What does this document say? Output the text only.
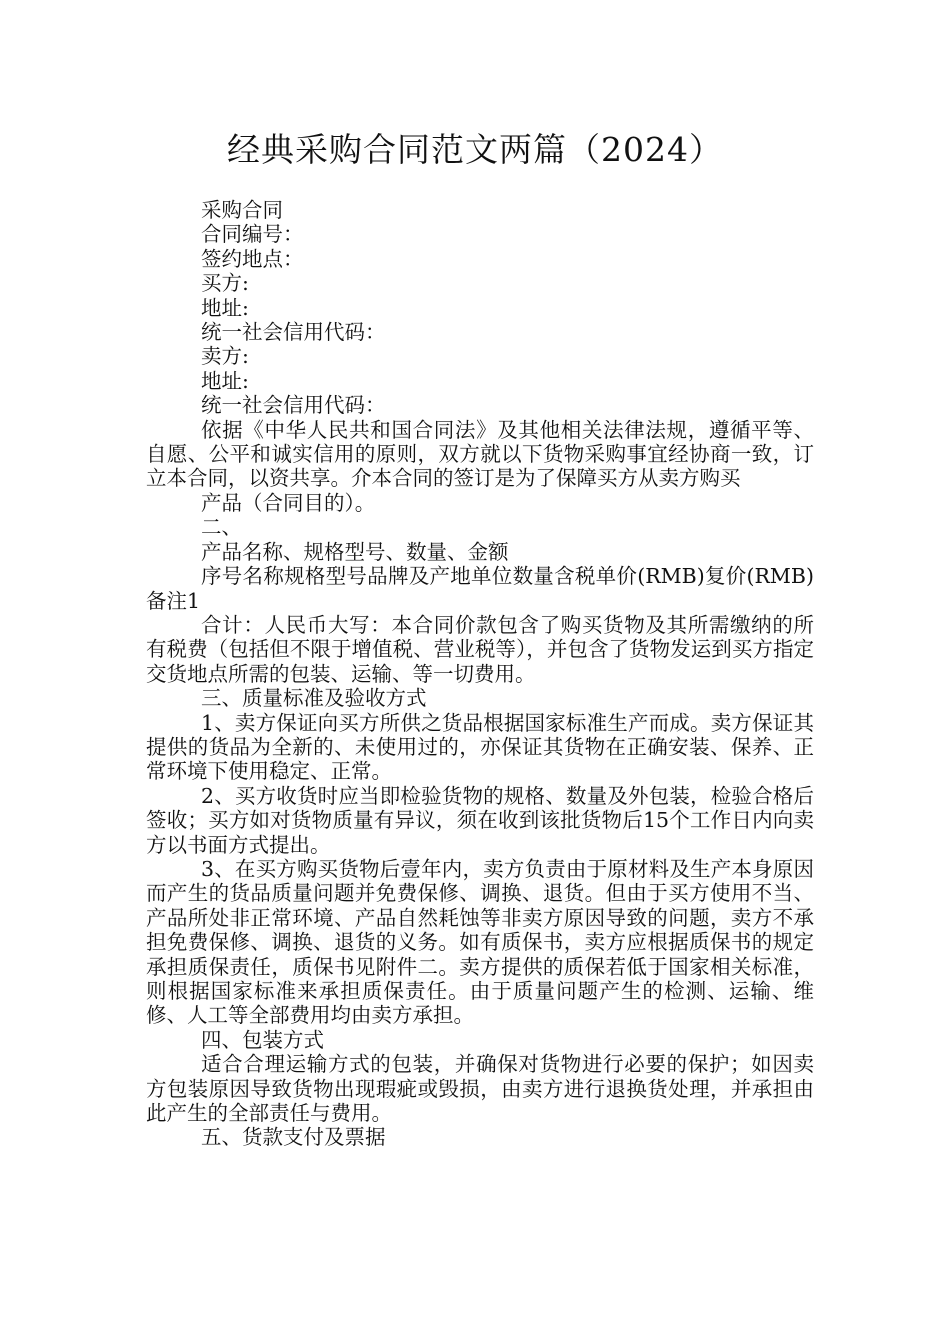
经典采购合同范文两篇（2024）

采购合同

合同编号：

签约地点：

买方:

地址:

统一社会信用代码：

卖方:

地址:

统一社会信用代码：

依据《中华人民共和国合同法》及其他相关法律法规，遵循平等、自愿、公平和诚实信用的原则，双方就以下货物采购事宜经协商一致，订立本合同，以资共享。介本合同的签订是为了保障买方从卖方购买

产品（合同目的）。

二、

产品名称、规格型号、数量、金额

序号名称规格型号品牌及产地单位数量含税单价(RMB)复价(RMB)备注1

合计：人民币大写：本合同价款包含了购买货物及其所需缴纳的所有税费（包括但不限于增值税、营业税等），并包含了货物发运到买方指定交货地点所需的包装、运输、等一切费用。

三、质量标准及验收方式

1、卖方保证向买方所供之货品根据国家标准生产而成。卖方保证其提供的货品为全新的、未使用过的，亦保证其货物在正确安装、保养、正常环境下使用稳定、正常。

2、买方收货时应当即检验货物的规格、数量及外包装，检验合格后签收；买方如对货物质量有异议，须在收到该批货物后15个工作日内向卖方以书面方式提出。

3、在买方购买货物后壹年内，卖方负责由于原材料及生产本身原因而产生的货品质量问题并免费保修、调换、退货。但由于买方使用不当、产品所处非正常环境、产品自然耗蚀等非卖方原因导致的问题，卖方不承担免费保修、调换、退货的义务。如有质保书，卖方应根据质保书的规定承担质保责任，质保书见附件二。卖方提供的质保若低于国家相关标准，则根据国家标准来承担质保责任。由于质量问题产生的检测、运输、维修、人工等全部费用均由卖方承担。

四、包装方式

适合合理运输方式的包装，并确保对货物进行必要的保护；如因卖方包装原因导致货物出现瑕疵或毁损，由卖方进行退换货处理，并承担由此产生的全部责任与费用。

五、货款支付及票据
